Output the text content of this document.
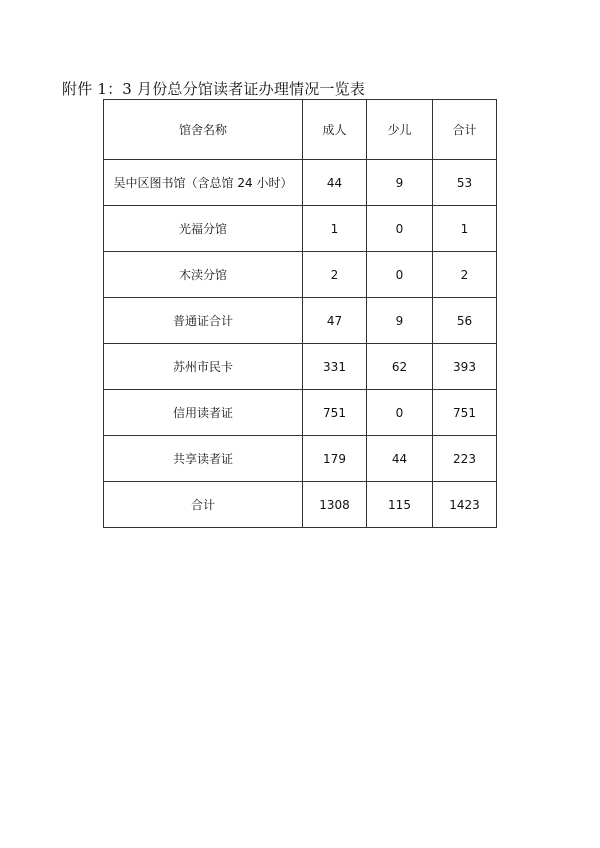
附件 1：3 月份总分馆读者证办理情况一览表
馆舍名称	成人	少儿	合计
吴中区图书馆（含总馆 24 小时）	44	9	53
光福分馆	1	0	1
木渎分馆	2	0	2
普通证合计	47	9	56
苏州市民卡	331	62	393
信用读者证	751	0	751
共享读者证	179	44	223
合计	1308	115	1423
